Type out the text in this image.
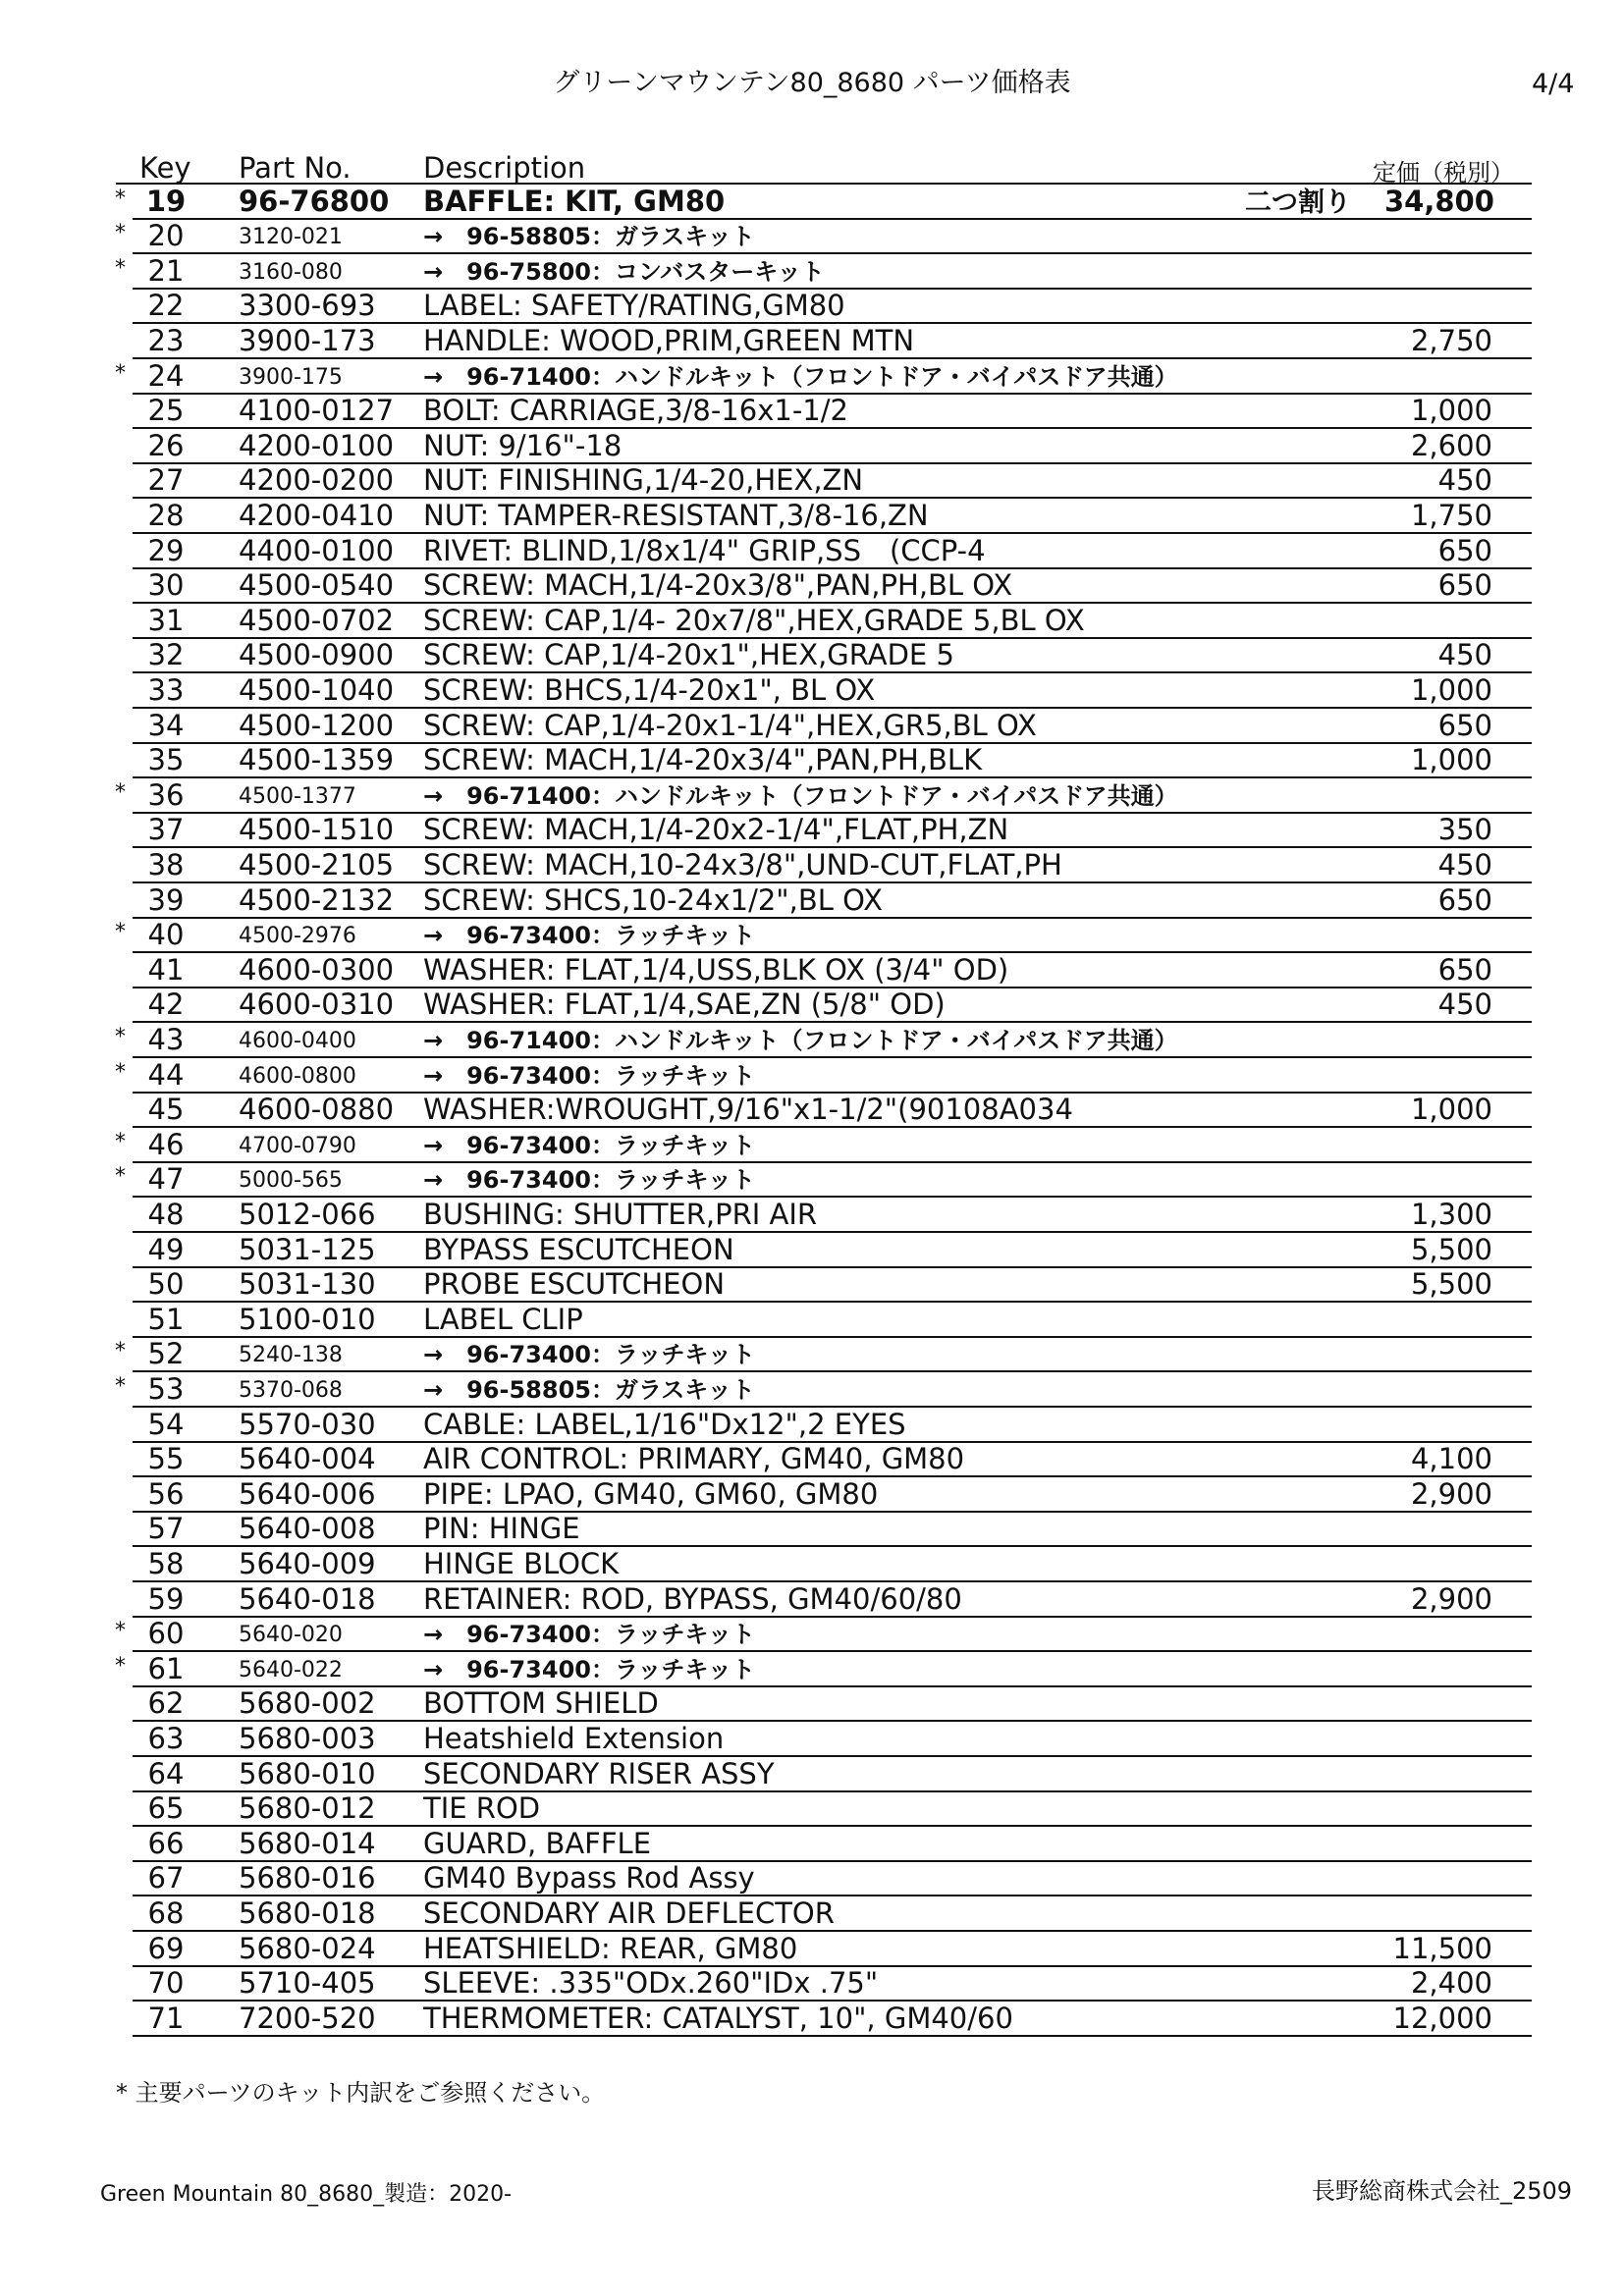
グリーンマウンテン80_8680 パーツ価格表	4/4
Key Part No.	Description	定価（税別）
* 19	96-76800 BAFFLE: KIT, GM80	二つ割り 34,800
* 20	3120-021	→　96-58805：ガラスキット
* 21	3160-080	→　96-75800：コンバスターキット
22	3300-693 LABEL: SAFETY/RATING,GM80
23	3900-173 HANDLE: WOOD,PRIM,GREEN MTN	2,750
* 24	3900-175	→　96-71400：ハンドルキット（フロントドア・バイパスドア共通）
25	4100-0127 BOLT: CARRIAGE,3/8-16x1-1/2	1,000
26	4200-0100 NUT: 9/16"-18	2,600
27	4200-0200 NUT: FINISHING,1/4-20,HEX,ZN	450
28	4200-0410 NUT: TAMPER-RESISTANT,3/8-16,ZN	1,750
29	4400-0100 RIVET: BLIND,1/8x1/4" GRIP,SS　(CCP-4	650
30	4500-0540 SCREW: MACH,1/4-20x3/8",PAN,PH,BL OX	650
31	4500-0702 SCREW: CAP,1/4- 20x7/8",HEX,GRADE 5,BL OX
32	4500-0900 SCREW: CAP,1/4-20x1",HEX,GRADE 5	450
33	4500-1040 SCREW: BHCS,1/4-20x1", BL OX	1,000
34	4500-1200 SCREW: CAP,1/4-20x1-1/4",HEX,GR5,BL OX	650
35	4500-1359 SCREW: MACH,1/4-20x3/4",PAN,PH,BLK	1,000
* 36	4500-1377	→　96-71400：ハンドルキット（フロントドア・バイパスドア共通）
37	4500-1510 SCREW: MACH,1/4-20x2-1/4",FLAT,PH,ZN	350
38	4500-2105 SCREW: MACH,10-24x3/8",UND-CUT,FLAT,PH	450
39	4500-2132 SCREW: SHCS,10-24x1/2",BL OX	650
* 40	4500-2976	→　96-73400：ラッチキット
41	4600-0300 WASHER: FLAT,1/4,USS,BLK OX (3/4" OD)	650
42	4600-0310 WASHER: FLAT,1/4,SAE,ZN (5/8" OD)	450
* 43	4600-0400	→　96-71400：ハンドルキット（フロントドア・バイパスドア共通）
* 44	4600-0800	→　96-73400：ラッチキット
45	4600-0880 WASHER:WROUGHT,9/16"x1-1/2"(90108A034	1,000
* 46	4700-0790	→　96-73400：ラッチキット
* 47	5000-565	→　96-73400：ラッチキット
48	5012-066 BUSHING: SHUTTER,PRI AIR	1,300
49	5031-125 BYPASS ESCUTCHEON	5,500
50	5031-130 PROBE ESCUTCHEON	5,500
51	5100-010 LABEL CLIP
* 52	5240-138	→　96-73400：ラッチキット
* 53	5370-068	→　96-58805：ガラスキット
54	5570-030 CABLE: LABEL,1/16"Dx12",2 EYES
55	5640-004 AIR CONTROL: PRIMARY, GM40, GM80	4,100
56	5640-006 PIPE: LPAO, GM40, GM60, GM80	2,900
57	5640-008 PIN: HINGE
58	5640-009 HINGE BLOCK
59	5640-018 RETAINER: ROD, BYPASS, GM40/60/80	2,900
* 60	5640-020	→　96-73400：ラッチキット
* 61	5640-022	→　96-73400：ラッチキット
62	5680-002 BOTTOM SHIELD
63	5680-003 Heatshield Extension
64	5680-010 SECONDARY RISER ASSY
65	5680-012 TIE ROD
66	5680-014 GUARD, BAFFLE
67	5680-016 GM40 Bypass Rod Assy
68	5680-018 SECONDARY AIR DEFLECTOR
69	5680-024 HEATSHIELD: REAR, GM80	11,500
70	5710-405 SLEEVE: .335"ODx.260"IDx .75"	2,400
71	7200-520 THERMOMETER: CATALYST, 10", GM40/60	12,000
* 主要パーツのキット内訳をご参照ください。
Green Mountain 80_8680_製造：2020-	長野総商株式会社_2509
